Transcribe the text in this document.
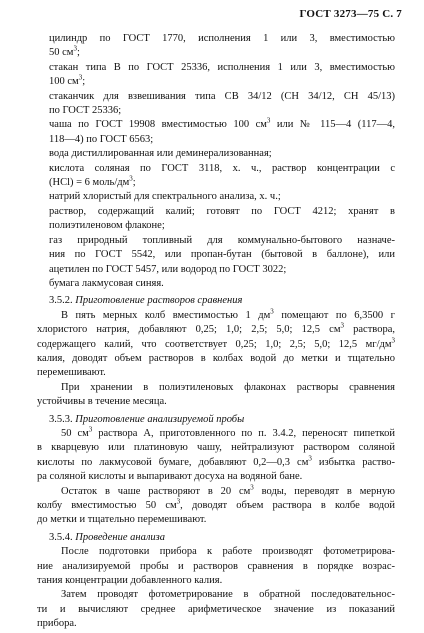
ГОСТ 3273—75 С. 7
цилиндр по ГОСТ 1770, исполнения 1 или 3, вместимостью
50 $см^3$;
стакан типа В по ГОСТ 25336, исполнения 1 или 3, вместимостью
100 $см^3$;
стаканчик для взвешивания типа СВ 34/12 (СН 34/12, СН 45/13)
по ГОСТ 25336;
чаша по ГОСТ 19908 вместимостью 100 $см^3$ или № 115—4 (117—4,
118—4) по ГОСТ 6563;
вода дистиллированная или деминерализованная;
кислота соляная по ГОСТ 3118, х. ч., раствор концентрации c
(HCl) = 6 моль/$дм^3$;
натрий хлористый для спектрального анализа, х. ч.;
раствор, содержащий калий; готовят по ГОСТ 4212; хранят в
полиэтиленовом флаконе;
газ природный топливный для коммунально-бытового назначе-
ния по ГОСТ 5542, или пропан-бутан (бытовой в баллоне), или
ацетилен по ГОСТ 5457, или водород по ГОСТ 3022;
бумага лакмусовая синяя.
3.5.2. Приготовление растворов сравнения
В пять мерных колб вместимостью 1 $дм^3$ помещают по 6,3500 г
хлористого натрия, добавляют 0,25; 1,0; 2,5; 5,0; 12,5 $см^3$ раствора,
содержащего калий, что соответствует 0,25; 1,0; 2,5; 5,0; 12,5 $мг/дм^3$
калия, доводят объем растворов в колбах водой до метки и тщательно
перемешивают.
При хранении в полиэтиленовых флаконах растворы сравнения
устойчивы в течение месяца.
3.5.3. Приготовление анализируемой пробы
50 $см^3$ раствора А, приготовленного по п. 3.4.2, переносят пипеткой
в кварцевую или платиновую чашу, нейтрализуют раствором соляной
кислоты по лакмусовой бумаге, добавляют 0,2—0,3 $см^3$ избытка раство-
ра соляной кислоты и выпаривают досуха на водяной бане.
Остаток в чаше растворяют в 20 $см^3$ воды, переводят в мерную
колбу вместимостью 50 $см^3$, доводят объем раствора в колбе водой
до метки и тщательно перемешивают.
3.5.4. Проведение анализа
После подготовки прибора к работе производят фотометрирова-
ние анализируемой пробы и растворов сравнения в порядке возрас-
тания концентрации добавленного калия.
Затем проводят фотометрирование в обратной последовательнос-
ти и вычисляют среднее арифметическое значение из показаний
прибора.
